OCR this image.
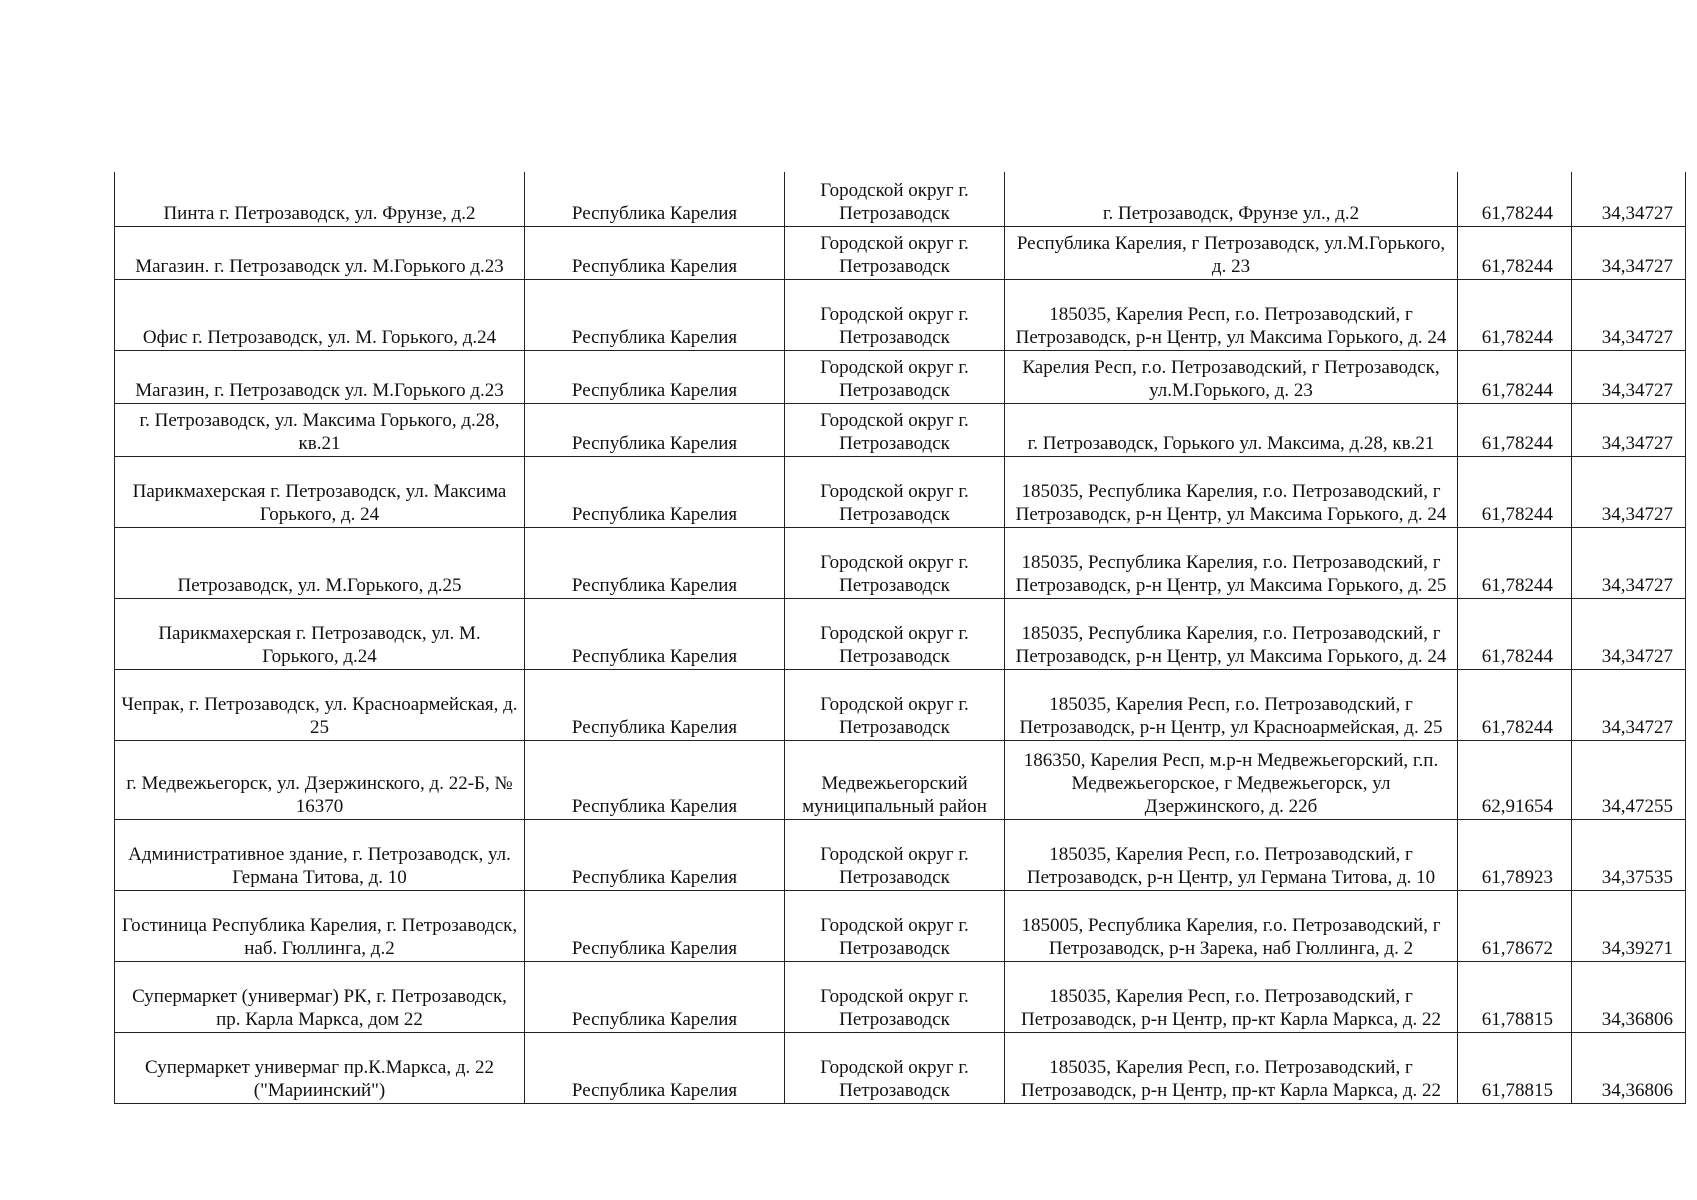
Пинта г. Петрозаводск, ул. Фрунзе, д.2	Республика Карелия	Городской округ г. Петрозаводск	г. Петрозаводск, Фрунзе ул., д.2	61,78244	34,34727
Магазин. г. Петрозаводск ул. М.Горького д.23	Республика Карелия	Городской округ г. Петрозаводск	Республика Карелия, г Петрозаводск, ул.М.Горького, д. 23	61,78244	34,34727
Офис г. Петрозаводск, ул. М. Горького, д.24	Республика Карелия	Городской округ г. Петрозаводск	185035, Карелия Респ, г.о. Петрозаводский, г Петрозаводск, р-н Центр, ул Максима Горького, д. 24	61,78244	34,34727
Магазин, г. Петрозаводск ул. М.Горького д.23	Республика Карелия	Городской округ г. Петрозаводск	Карелия Респ, г.о. Петрозаводский, г Петрозаводск, ул.М.Горького, д. 23	61,78244	34,34727
г. Петрозаводск, ул. Максима Горького, д.28, кв.21	Республика Карелия	Городской округ г. Петрозаводск	г. Петрозаводск, Горького ул. Максима, д.28, кв.21	61,78244	34,34727
Парикмахерская г. Петрозаводск, ул. Максима Горького, д. 24	Республика Карелия	Городской округ г. Петрозаводск	185035, Республика Карелия, г.о. Петрозаводский, г Петрозаводск, р-н Центр, ул Максима Горького, д. 24	61,78244	34,34727
Петрозаводск, ул. М.Горького, д.25	Республика Карелия	Городской округ г. Петрозаводск	185035, Республика Карелия, г.о. Петрозаводский, г Петрозаводск, р-н Центр, ул Максима Горького, д. 25	61,78244	34,34727
Парикмахерская г. Петрозаводск, ул. М. Горького, д.24	Республика Карелия	Городской округ г. Петрозаводск	185035, Республика Карелия, г.о. Петрозаводский, г Петрозаводск, р-н Центр, ул Максима Горького, д. 24	61,78244	34,34727
Чепрак, г. Петрозаводск, ул. Красноармейская, д. 25	Республика Карелия	Городской округ г. Петрозаводск	185035, Карелия Респ, г.о. Петрозаводский, г Петрозаводск, р-н Центр, ул Красноармейская, д. 25	61,78244	34,34727
г. Медвежьегорск, ул. Дзержинского, д. 22-Б, № 16370	Республика Карелия	Медвежьегорский муниципальный район	186350, Карелия Респ, м.р-н Медвежьегорский, г.п. Медвежьегорское, г Медвежьегорск, ул Дзержинского, д. 22б	62,91654	34,47255
Административное здание, г. Петрозаводск, ул. Германа Титова, д. 10	Республика Карелия	Городской округ г. Петрозаводск	185035, Карелия Респ, г.о. Петрозаводский, г Петрозаводск, р-н Центр, ул Германа Титова, д. 10	61,78923	34,37535
Гостиница Республика Карелия, г. Петрозаводск, наб. Гюллинга, д.2	Республика Карелия	Городской округ г. Петрозаводск	185005, Республика Карелия, г.о. Петрозаводский, г Петрозаводск, р-н Зарека, наб Гюллинга, д. 2	61,78672	34,39271
Супермаркет (универмаг) РК, г. Петрозаводск, пр. Карла Маркса, дом 22	Республика Карелия	Городской округ г. Петрозаводск	185035, Карелия Респ, г.о. Петрозаводский, г Петрозаводск, р-н Центр, пр-кт Карла Маркса, д. 22	61,78815	34,36806
Супермаркет универмаг пр.К.Маркса, д. 22 ("Мариинский")	Республика Карелия	Городской округ г. Петрозаводск	185035, Карелия Респ, г.о. Петрозаводский, г Петрозаводск, р-н Центр, пр-кт Карла Маркса, д. 22	61,78815	34,36806
